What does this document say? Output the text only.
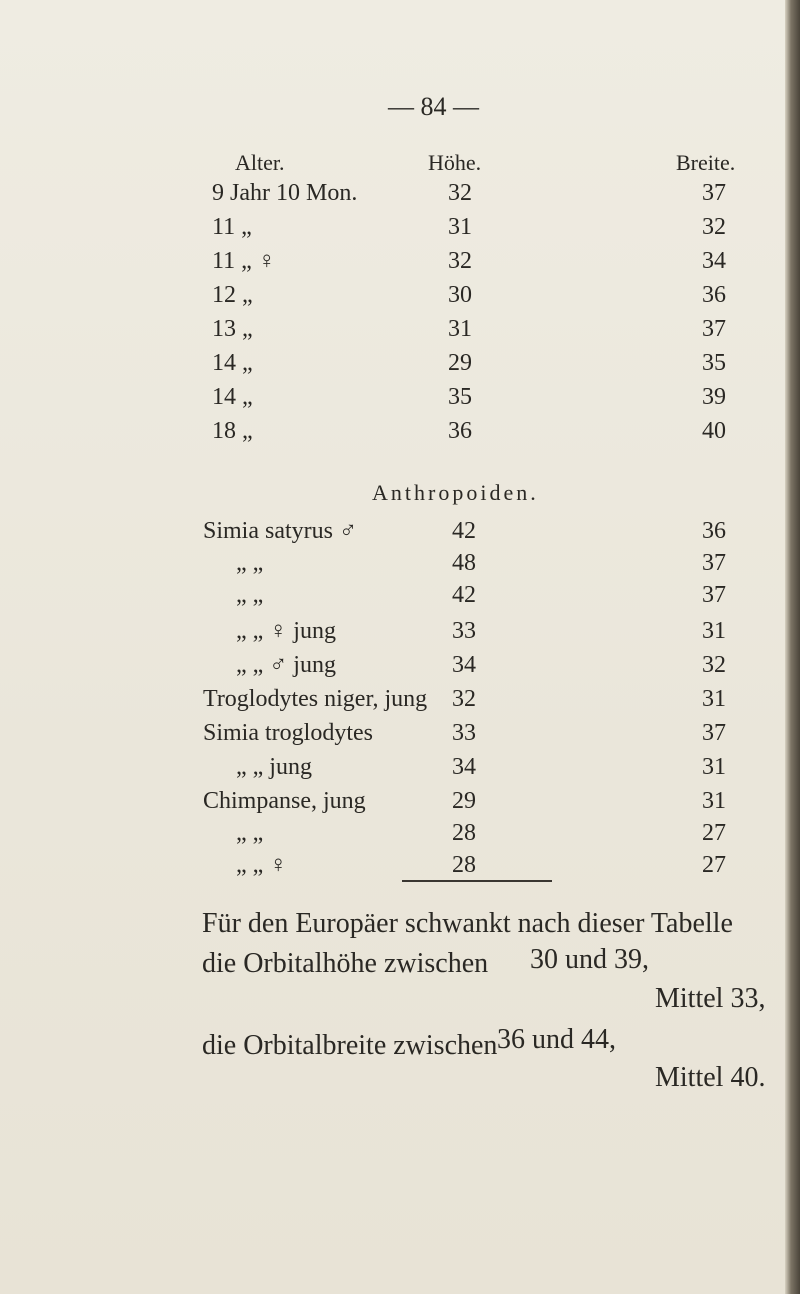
— 84 —
Alter.	Höhe.	Breite.
9 Jahr 10 Mon.	32	37
11 „	31	32
11 „ ♀	32	34
12 „	30	36
13 „	31	37
14 „	29	35
14 „	35	39
18 „	36	40
Anthropoiden.
Simia satyrus ♂	42	36
„ „	48	37
„ „	42	37
„ „ ♀ jung	33	31
„ „ ♂ jung	34	32
Troglodytes niger, jung 32	31
Simia troglodytes	33	37
„ „ jung	34	31
Chimpanse, jung	29	31
„ „	28	27
„ „ ♀	28	27
Für den Europäer schwankt nach dieser Tabelle
die Orbitalhöhe zwischen 30 und 39,
Mittel 33,
die Orbitalbreite zwischen 36 und 44,
Mittel 40.
